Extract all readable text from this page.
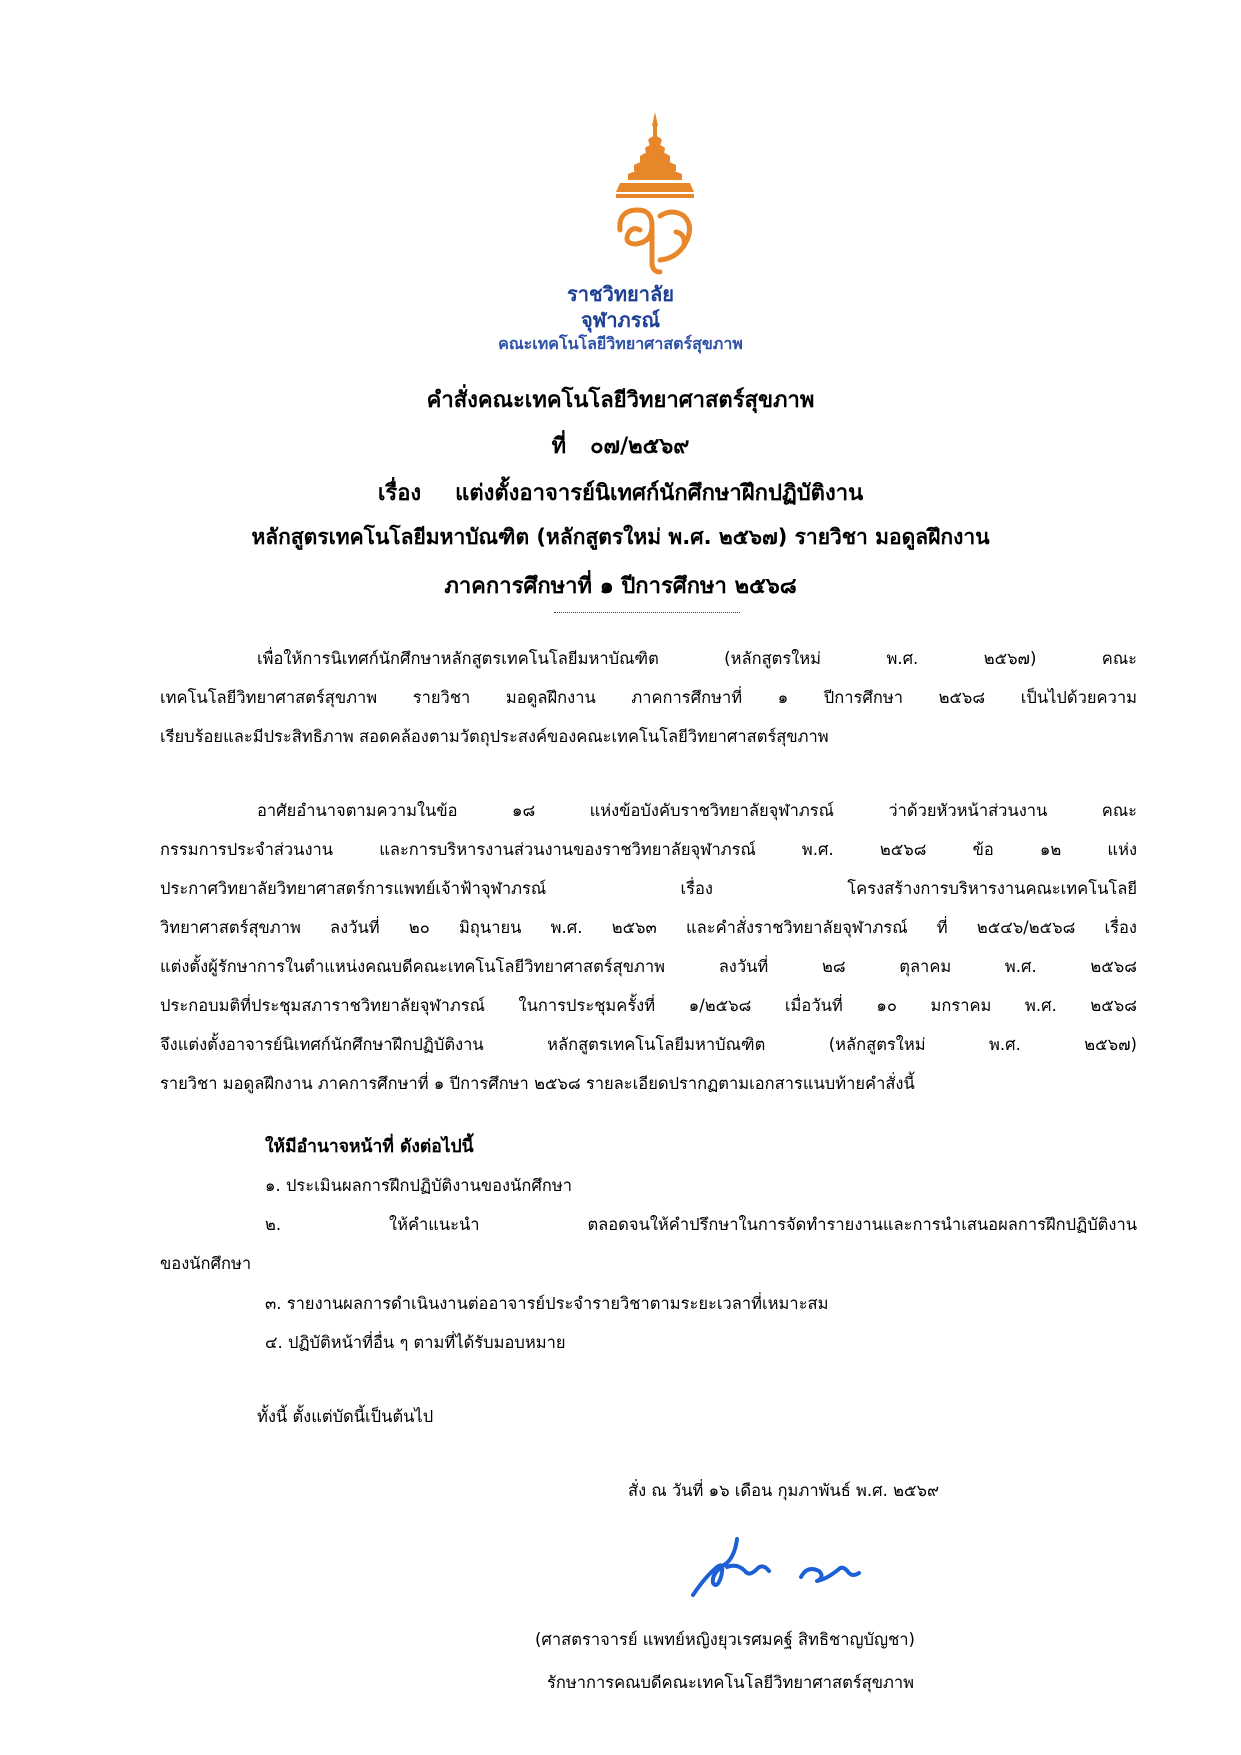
ราชวิทยาลัย
จุฬาภรณ์
คณะเทคโนโลยีวิทยาศาสตร์สุขภาพ
คำสั่งคณะเทคโนโลยีวิทยาศาสตร์สุขภาพ
ที่ ๐๗/๒๕๖๙
เรื่อง แต่งตั้งอาจารย์นิเทศก์นักศึกษาฝึกปฏิบัติงาน
หลักสูตรเทคโนโลยีมหาบัณฑิต (หลักสูตรใหม่ พ.ศ. ๒๕๖๗) รายวิชา มอดูลฝึกงาน
ภาคการศึกษาที่ ๑ ปีการศึกษา ๒๕๖๘
เพื่อให้การนิเทศก์นักศึกษาหลักสูตรเทคโนโลยีมหาบัณฑิต (หลักสูตรใหม่ พ.ศ. ๒๕๖๗) คณะ
เทคโนโลยีวิทยาศาสตร์สุขภาพ รายวิชา มอดูลฝึกงาน ภาคการศึกษาที่ ๑ ปีการศึกษา ๒๕๖๘ เป็นไปด้วยความ
เรียบร้อยและมีประสิทธิภาพ สอดคล้องตามวัตถุประสงค์ของคณะเทคโนโลยีวิทยาศาสตร์สุขภาพ
อาศัยอำนาจตามความในข้อ ๑๘ แห่งข้อบังคับราชวิทยาลัยจุฬาภรณ์ ว่าด้วยหัวหน้าส่วนงาน คณะ
กรรมการประจำส่วนงาน และการบริหารงานส่วนงานของราชวิทยาลัยจุฬาภรณ์ พ.ศ. ๒๕๖๘ ข้อ ๑๒ แห่ง
ประกาศวิทยาลัยวิทยาศาสตร์การแพทย์เจ้าฟ้าจุฬาภรณ์ เรื่อง โครงสร้างการบริหารงานคณะเทคโนโลยี
วิทยาศาสตร์สุขภาพ ลงวันที่ ๒๐ มิถุนายน พ.ศ. ๒๕๖๓ และคำสั่งราชวิทยาลัยจุฬาภรณ์ ที่ ๒๕๔๖/๒๕๖๘ เรื่อง
แต่งตั้งผู้รักษาการในตำแหน่งคณบดีคณะเทคโนโลยีวิทยาศาสตร์สุขภาพ ลงวันที่ ๒๘ ตุลาคม พ.ศ. ๒๕๖๘
ประกอบมติที่ประชุมสภาราชวิทยาลัยจุฬาภรณ์ ในการประชุมครั้งที่ ๑/๒๕๖๘ เมื่อวันที่ ๑๐ มกราคม พ.ศ. ๒๕๖๘
จึงแต่งตั้งอาจารย์นิเทศก์นักศึกษาฝึกปฏิบัติงาน หลักสูตรเทคโนโลยีมหาบัณฑิต (หลักสูตรใหม่ พ.ศ. ๒๕๖๗)
รายวิชา มอดูลฝึกงาน ภาคการศึกษาที่ ๑ ปีการศึกษา ๒๕๖๘ รายละเอียดปรากฏตามเอกสารแนบท้ายคำสั่งนี้
ให้มีอำนาจหน้าที่ ดังต่อไปนี้
๑. ประเมินผลการฝึกปฏิบัติงานของนักศึกษา
๒. ให้คำแนะนำ ตลอดจนให้คำปรึกษาในการจัดทำรายงานและการนำเสนอผลการฝึกปฏิบัติงาน
ของนักศึกษา
๓. รายงานผลการดำเนินงานต่ออาจารย์ประจำรายวิชาตามระยะเวลาที่เหมาะสม
๔. ปฏิบัติหน้าที่อื่น ๆ ตามที่ได้รับมอบหมาย
ทั้งนี้ ตั้งแต่บัดนี้เป็นต้นไป
สั่ง ณ วันที่ ๑๖ เดือน กุมภาพันธ์ พ.ศ. ๒๕๖๙
(ศาสตราจารย์ แพทย์หญิงยุวเรศมคฐ์ สิทธิชาญบัญชา)
รักษาการคณบดีคณะเทคโนโลยีวิทยาศาสตร์สุขภาพ
